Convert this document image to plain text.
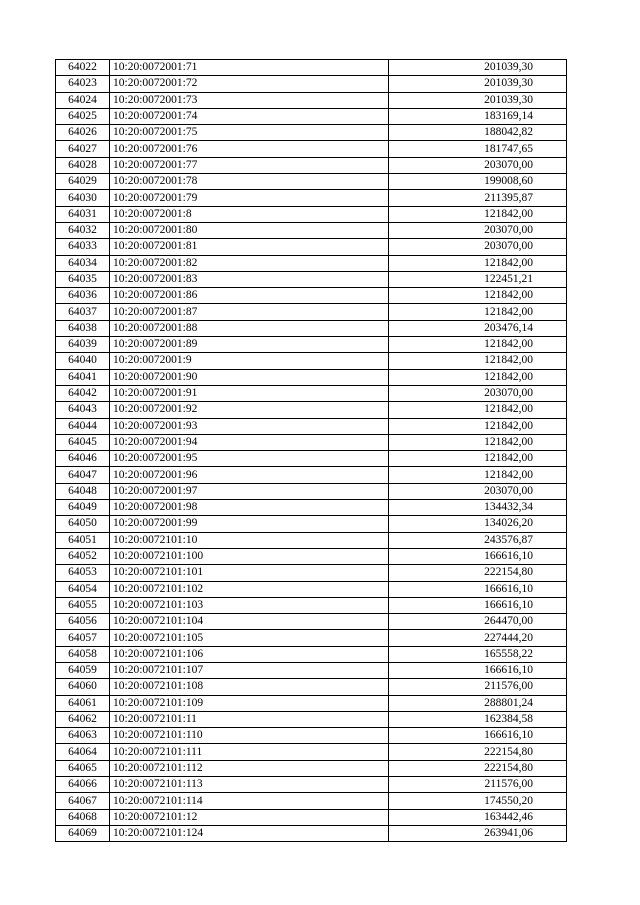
64022	10:20:0072001:71	201039,30
64023	10:20:0072001:72	201039,30
64024	10:20:0072001:73	201039,30
64025	10:20:0072001:74	183169,14
64026	10:20:0072001:75	188042,82
64027	10:20:0072001:76	181747,65
64028	10:20:0072001:77	203070,00
64029	10:20:0072001:78	199008,60
64030	10:20:0072001:79	211395,87
64031	10:20:0072001:8	121842,00
64032	10:20:0072001:80	203070,00
64033	10:20:0072001:81	203070,00
64034	10:20:0072001:82	121842,00
64035	10:20:0072001:83	122451,21
64036	10:20:0072001:86	121842,00
64037	10:20:0072001:87	121842,00
64038	10:20:0072001:88	203476,14
64039	10:20:0072001:89	121842,00
64040	10:20:0072001:9	121842,00
64041	10:20:0072001:90	121842,00
64042	10:20:0072001:91	203070,00
64043	10:20:0072001:92	121842,00
64044	10:20:0072001:93	121842,00
64045	10:20:0072001:94	121842,00
64046	10:20:0072001:95	121842,00
64047	10:20:0072001:96	121842,00
64048	10:20:0072001:97	203070,00
64049	10:20:0072001:98	134432,34
64050	10:20:0072001:99	134026,20
64051	10:20:0072101:10	243576,87
64052	10:20:0072101:100	166616,10
64053	10:20:0072101:101	222154,80
64054	10:20:0072101:102	166616,10
64055	10:20:0072101:103	166616,10
64056	10:20:0072101:104	264470,00
64057	10:20:0072101:105	227444,20
64058	10:20:0072101:106	165558,22
64059	10:20:0072101:107	166616,10
64060	10:20:0072101:108	211576,00
64061	10:20:0072101:109	288801,24
64062	10:20:0072101:11	162384,58
64063	10:20:0072101:110	166616,10
64064	10:20:0072101:111	222154,80
64065	10:20:0072101:112	222154,80
64066	10:20:0072101:113	211576,00
64067	10:20:0072101:114	174550,20
64068	10:20:0072101:12	163442,46
64069	10:20:0072101:124	263941,06
